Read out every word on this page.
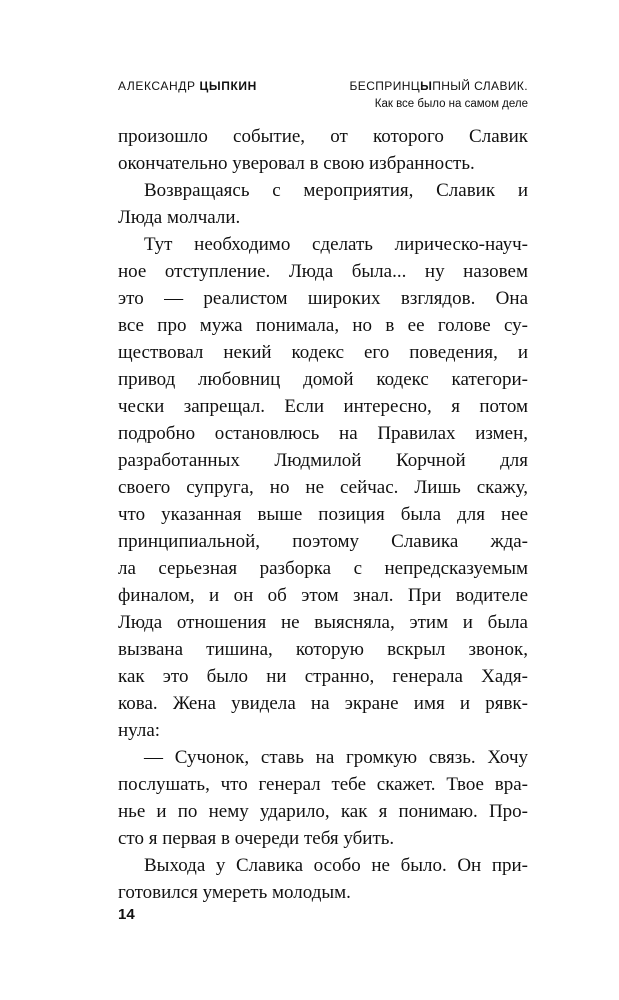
АЛЕКСАНДР ЦЫПКИН	БЕСПРИНЦЫПНЫЙ СЛАВИК.
Как все было на самом деле
произошло событие, от которого Славик
окончательно уверовал в свою избранность.
Возвращаясь с мероприятия, Славик и
Люда молчали.
Тут необходимо сделать лирическо-науч-
ное отступление. Люда была... ну назовем
это — реалистом широких взглядов. Она
все про мужа понимала, но в ее голове су-
ществовал некий кодекс его поведения, и
привод любовниц домой кодекс категори-
чески запрещал. Если интересно, я потом
подробно остановлюсь на Правилах измен,
разработанных Людмилой Корчной для
своего супруга, но не сейчас. Лишь скажу,
что указанная выше позиция была для нее
принципиальной, поэтому Славика жда-
ла серьезная разборка с непредсказуемым
финалом, и он об этом знал. При водителе
Люда отношения не выясняла, этим и была
вызвана тишина, которую вскрыл звонок,
как это было ни странно, генерала Хадя-
кова. Жена увидела на экране имя и рявк-
нула:
— Сучонок, ставь на громкую связь. Хочу
послушать, что генерал тебе скажет. Твое вра-
нье и по нему ударило, как я понимаю. Про-
сто я первая в очереди тебя убить.
Выхода у Славика особо не было. Он при-
готовился умереть молодым.
14
